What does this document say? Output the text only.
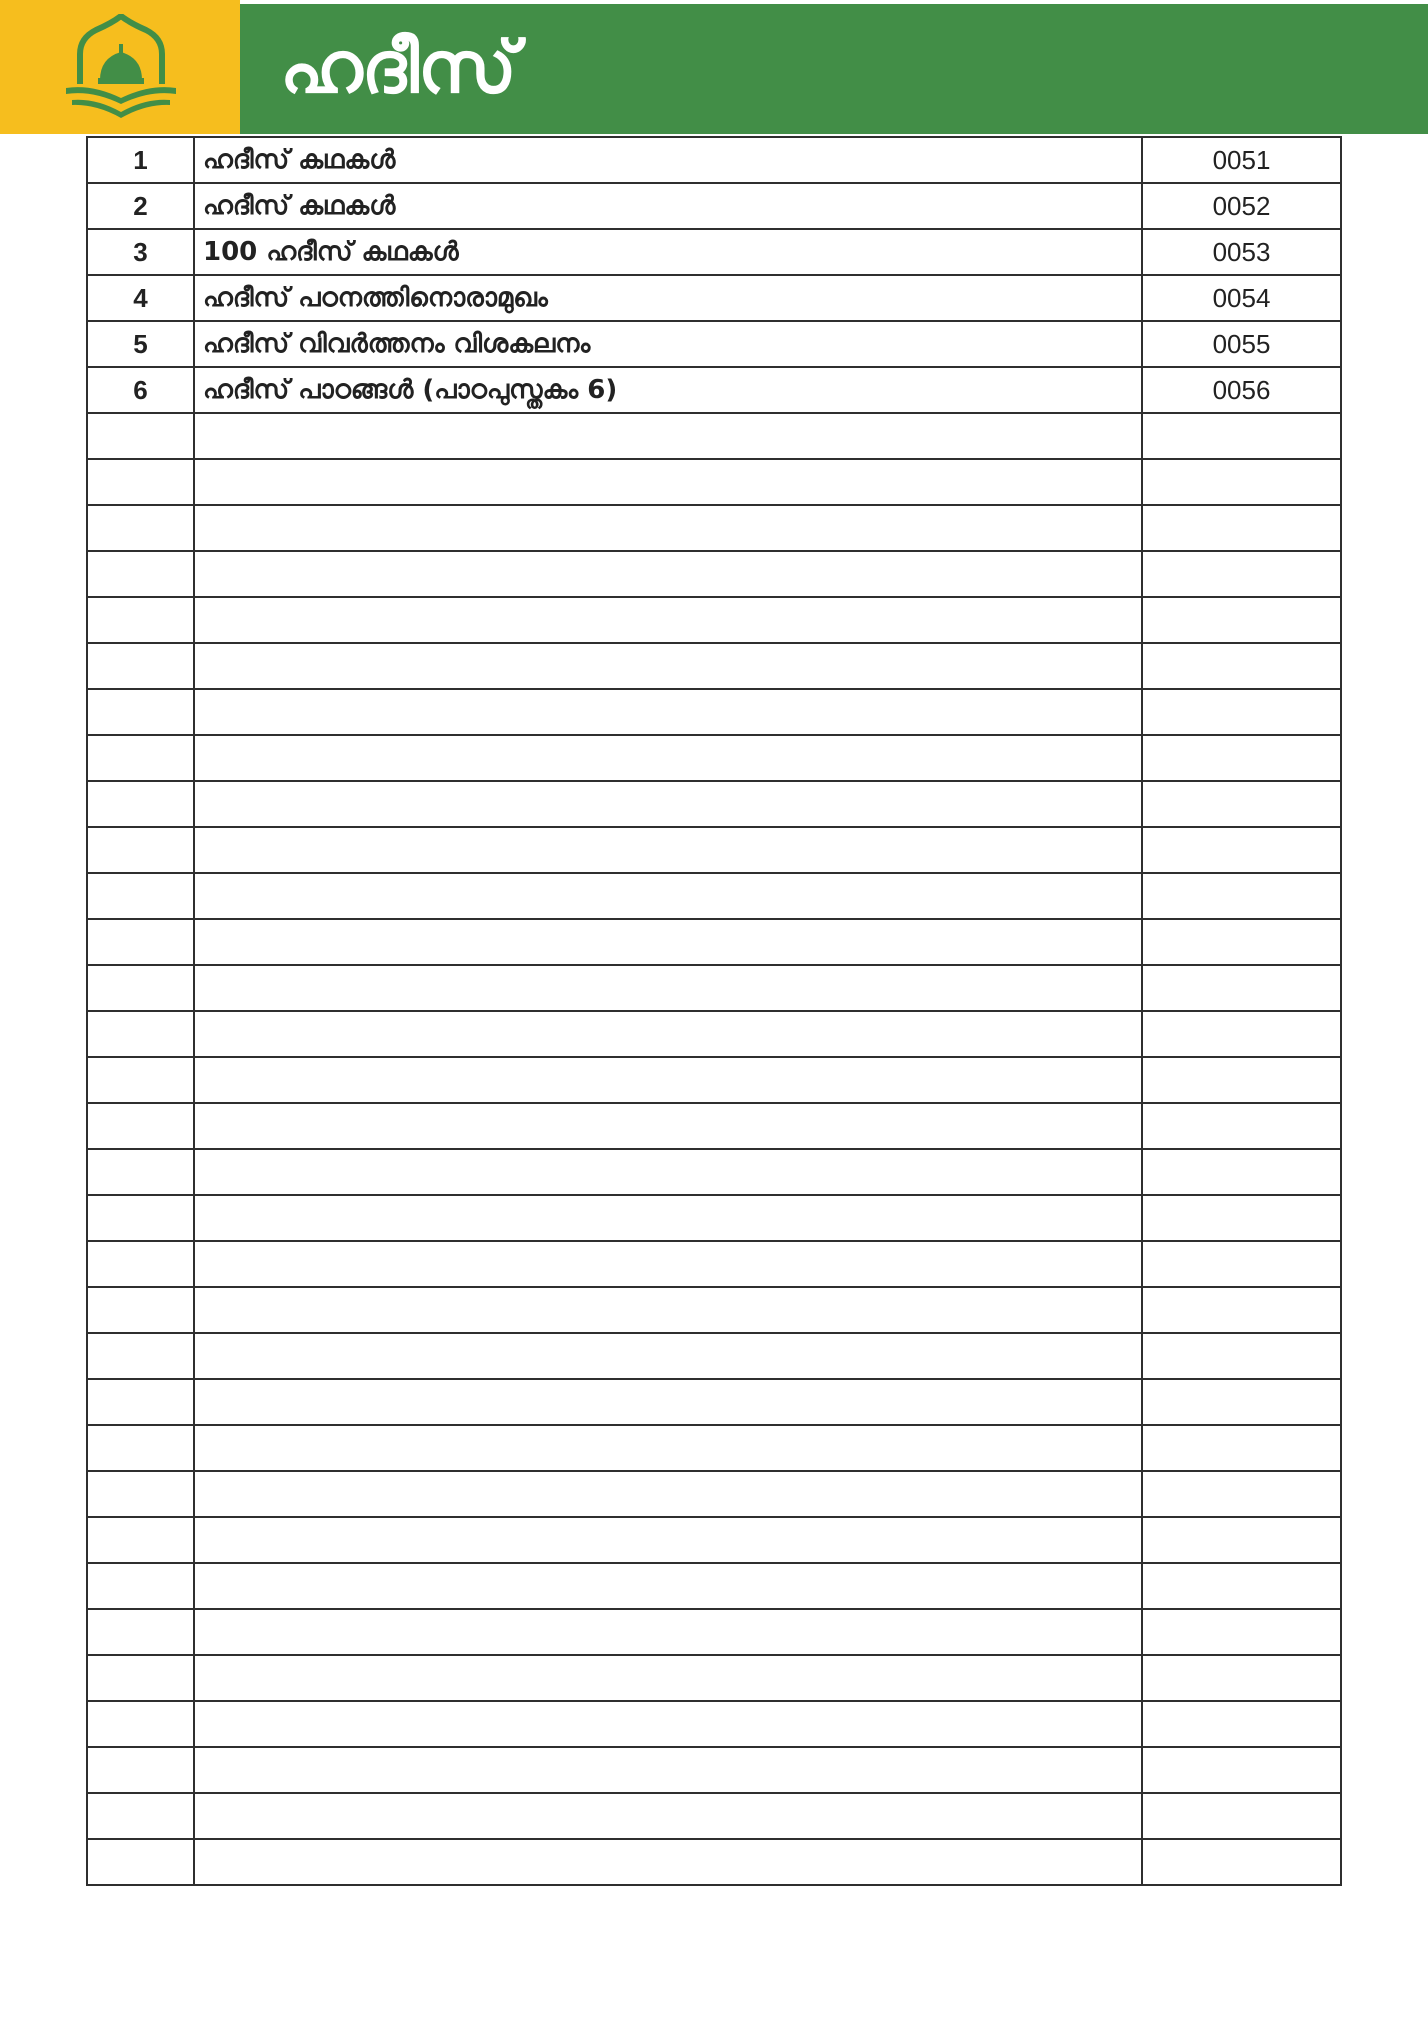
ഹദീസ്
1	ഹദീസ് കഥകൾ	0051
2	ഹദീസ് കഥകൾ	0052
3	100 ഹദീസ് കഥകൾ	0053
4	ഹദീസ് പഠനത്തിനൊരാമുഖം	0054
5	ഹദീസ് വിവർത്തനം വിശകലനം	0055
6	ഹദീസ് പാഠങ്ങൾ (പാഠപുസ്തകം 6)	0056
